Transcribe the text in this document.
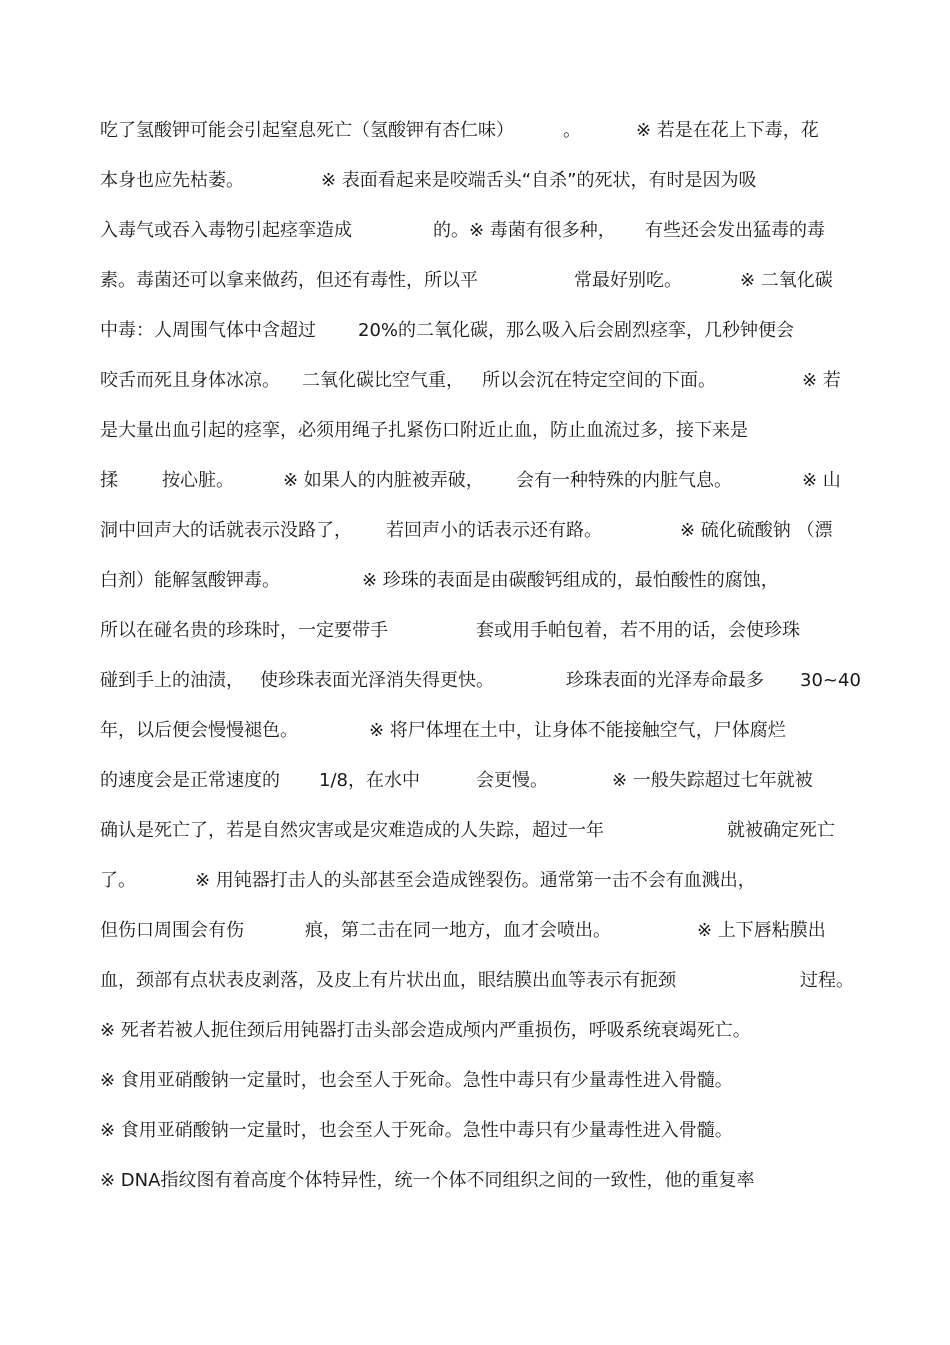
吃了氢酸钾可能会引起窒息死亡（氢酸钾有杏仁味）	。	※ 若是在花上下毒，花
本身也应先枯萎。	※ 表面看起来是咬端舌头“自杀”的死状，有时是因为吸
入毒气或吞入毒物引起痉挛造成	的。※ 毒菌有很多种， 有些还会发出猛毒的毒
素。毒菌还可以拿来做药，但还有毒性，所以平	常最好别吃。	※ 二氧化碳
中毒：人周围气体中含超过 20%的二氧化碳，那么吸入后会剧烈痉挛，几秒钟便会
咬舌而死且身体冰凉。 二氧化碳比空气重， 所以会沉在特定空间的下面。	※ 若
是大量出血引起的痉挛，必须用绳子扎紧伤口附近止血，防止血流过多，接下来是
揉 按心脏。	※ 如果人的内脏被弄破， 会有一种特殊的内脏气息。	※ 山
洞中回声大的话就表示没路了， 若回声小的话表示还有路。	※ 硫化硫酸钠 （漂
白剂）能解氢酸钾毒。	※ 珍珠的表面是由碳酸钙组成的，最怕酸性的腐蚀，
所以在碰名贵的珍珠时，一定要带手	套或用手帕包着，若不用的话，会使珍珠
碰到手上的油渍， 使珍珠表面光泽消失得更快。	珍珠表面的光泽寿命最多 30~40
年，以后便会慢慢褪色。	※ 将尸体埋在土中，让身体不能接触空气，尸体腐烂
的速度会是正常速度的 1/8，在水中	会更慢。	※ 一般失踪超过七年就被
确认是死亡了，若是自然灾害或是灾难造成的人失踪，超过一年	就被确定死亡
了。	※ 用钝器打击人的头部甚至会造成锉裂伤。通常第一击不会有血溅出，
但伤口周围会有伤	痕，第二击在同一地方，血才会喷出。	※ 上下唇粘膜出
血，颈部有点状表皮剥落，及皮上有片状出血，眼结膜出血等表示有扼颈	过程。
※ 死者若被人扼住颈后用钝器打击头部会造成颅内严重损伤，呼吸系统衰竭死亡。
※ 食用亚硝酸钠一定量时，也会至人于死命。急性中毒只有少量毒性进入骨髓。
※ 食用亚硝酸钠一定量时，也会至人于死命。急性中毒只有少量毒性进入骨髓。
※ DNA指纹图有着高度个体特异性，统一个体不同组织之间的一致性，他的重复率
